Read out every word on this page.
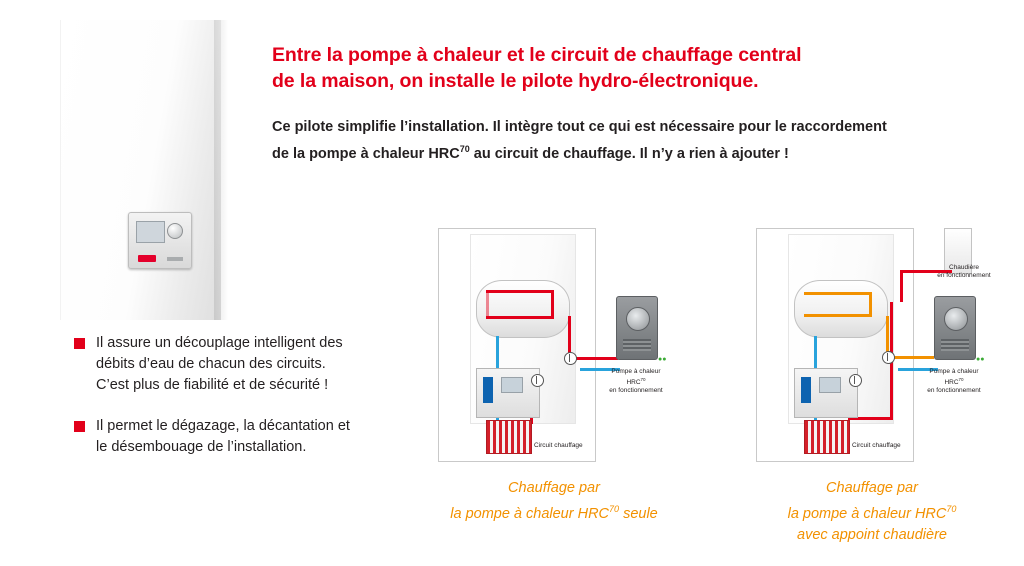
Entre la pompe à chaleur et le circuit de chauffage central
de la maison, on installe le pilote hydro-électronique.
Ce pilote simplifie l’installation. Il intègre tout ce qui est nécessaire pour le raccordement
de la pompe à chaleur HRC$^{70}$ au circuit de chauffage. Il n’y a rien à ajouter !
Il assure un découplage intelligent des débits d’eau de chacun des circuits. C’est plus de fiabilité et de sécurité !
Il permet le dégazage, la décantation et le désembouage de l’installation.
●●
Pompe à chaleur
HRC$^{70}$
en fonctionnement
Circuit chauffage
●●
Chaudière
en fonctionnement
Pompe à chaleur
HRC$^{70}$
en fonctionnement
Circuit chauffage
Chauffage par
la pompe à chaleur HRC$^{70}$ seule
Chauffage par
la pompe à chaleur HRC$^{70}$
avec appoint chaudière
